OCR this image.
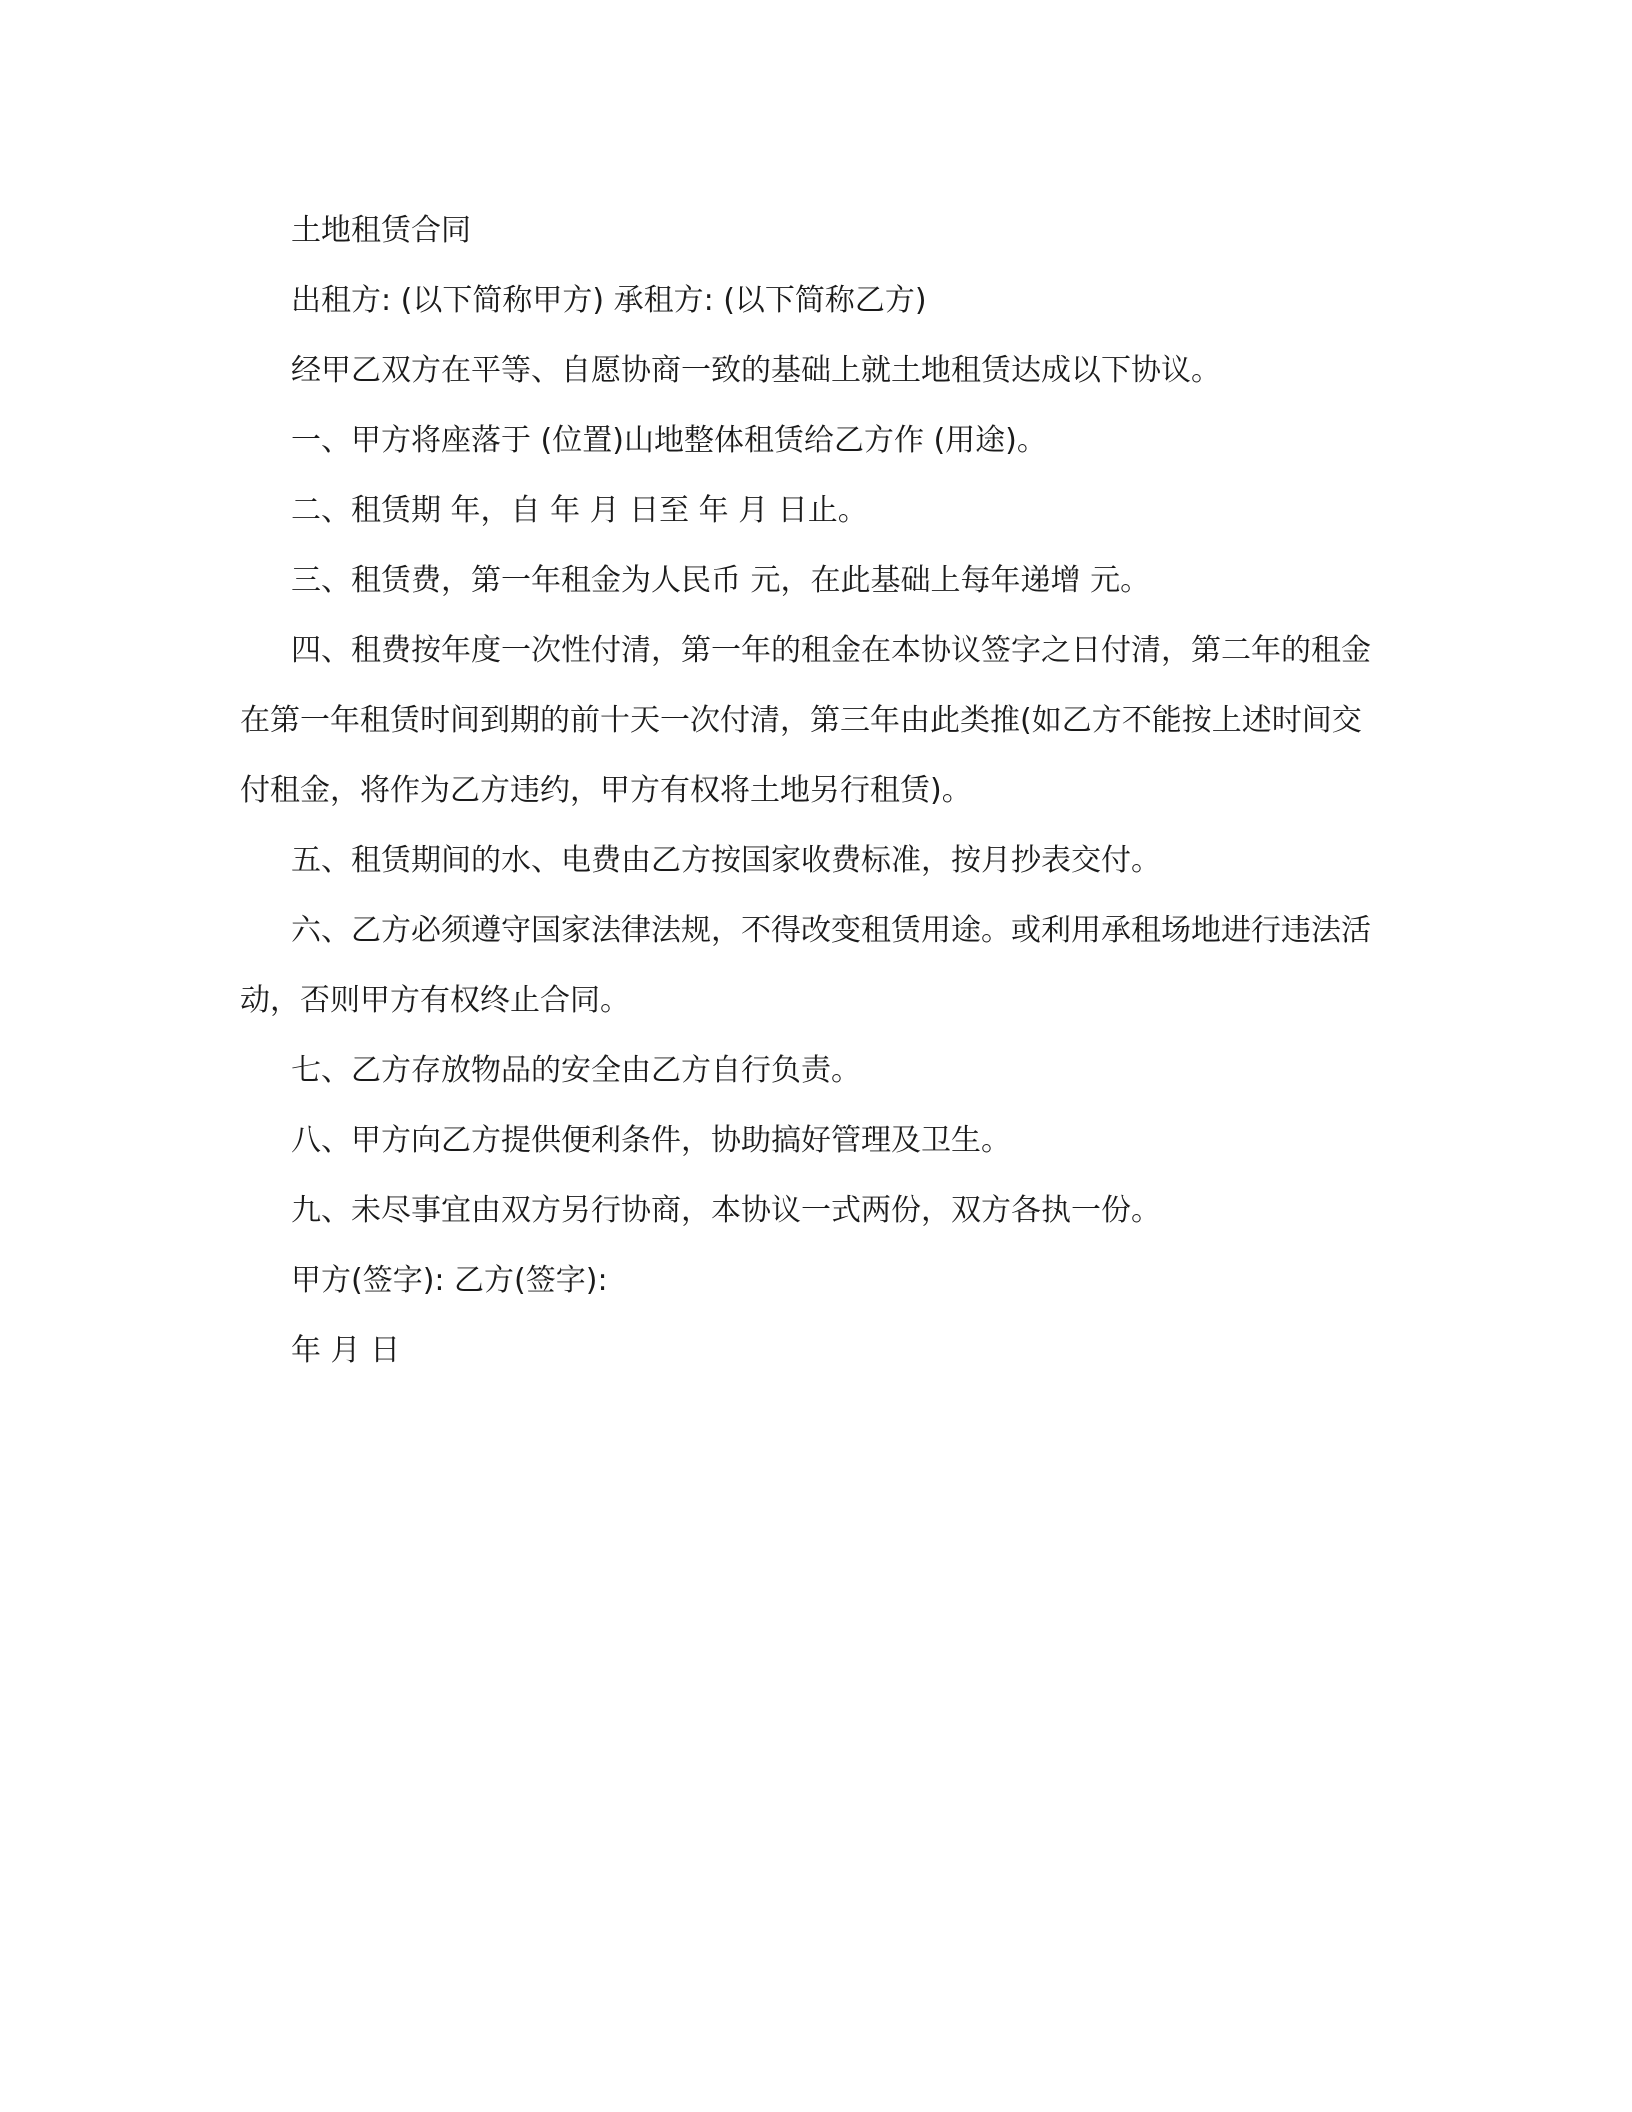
土地租赁合同

出租方: (以下简称甲方) 承租方: (以下简称乙方)

经甲乙双方在平等、自愿协商一致的基础上就土地租赁达成以下协议。

一、甲方将座落于 (位置)山地整体租赁给乙方作 (用途)。

二、租赁期 年，自 年 月 日至 年 月 日止。

三、租赁费，第一年租金为人民币 元，在此基础上每年递增 元。

四、租费按年度一次性付清，第一年的租金在本协议签字之日付清，第二年的租金在第一年租赁时间到期的前十天一次付清，第三年由此类推(如乙方不能按上述时间交付租金，将作为乙方违约，甲方有权将土地另行租赁)。

五、租赁期间的水、电费由乙方按国家收费标准，按月抄表交付。

六、乙方必须遵守国家法律法规，不得改变租赁用途。或利用承租场地进行违法活动，否则甲方有权终止合同。

七、乙方存放物品的安全由乙方自行负责。

八、甲方向乙方提供便利条件，协助搞好管理及卫生。

九、未尽事宜由双方另行协商，本协议一式两份，双方各执一份。

甲方(签字): 乙方(签字):

年 月 日
